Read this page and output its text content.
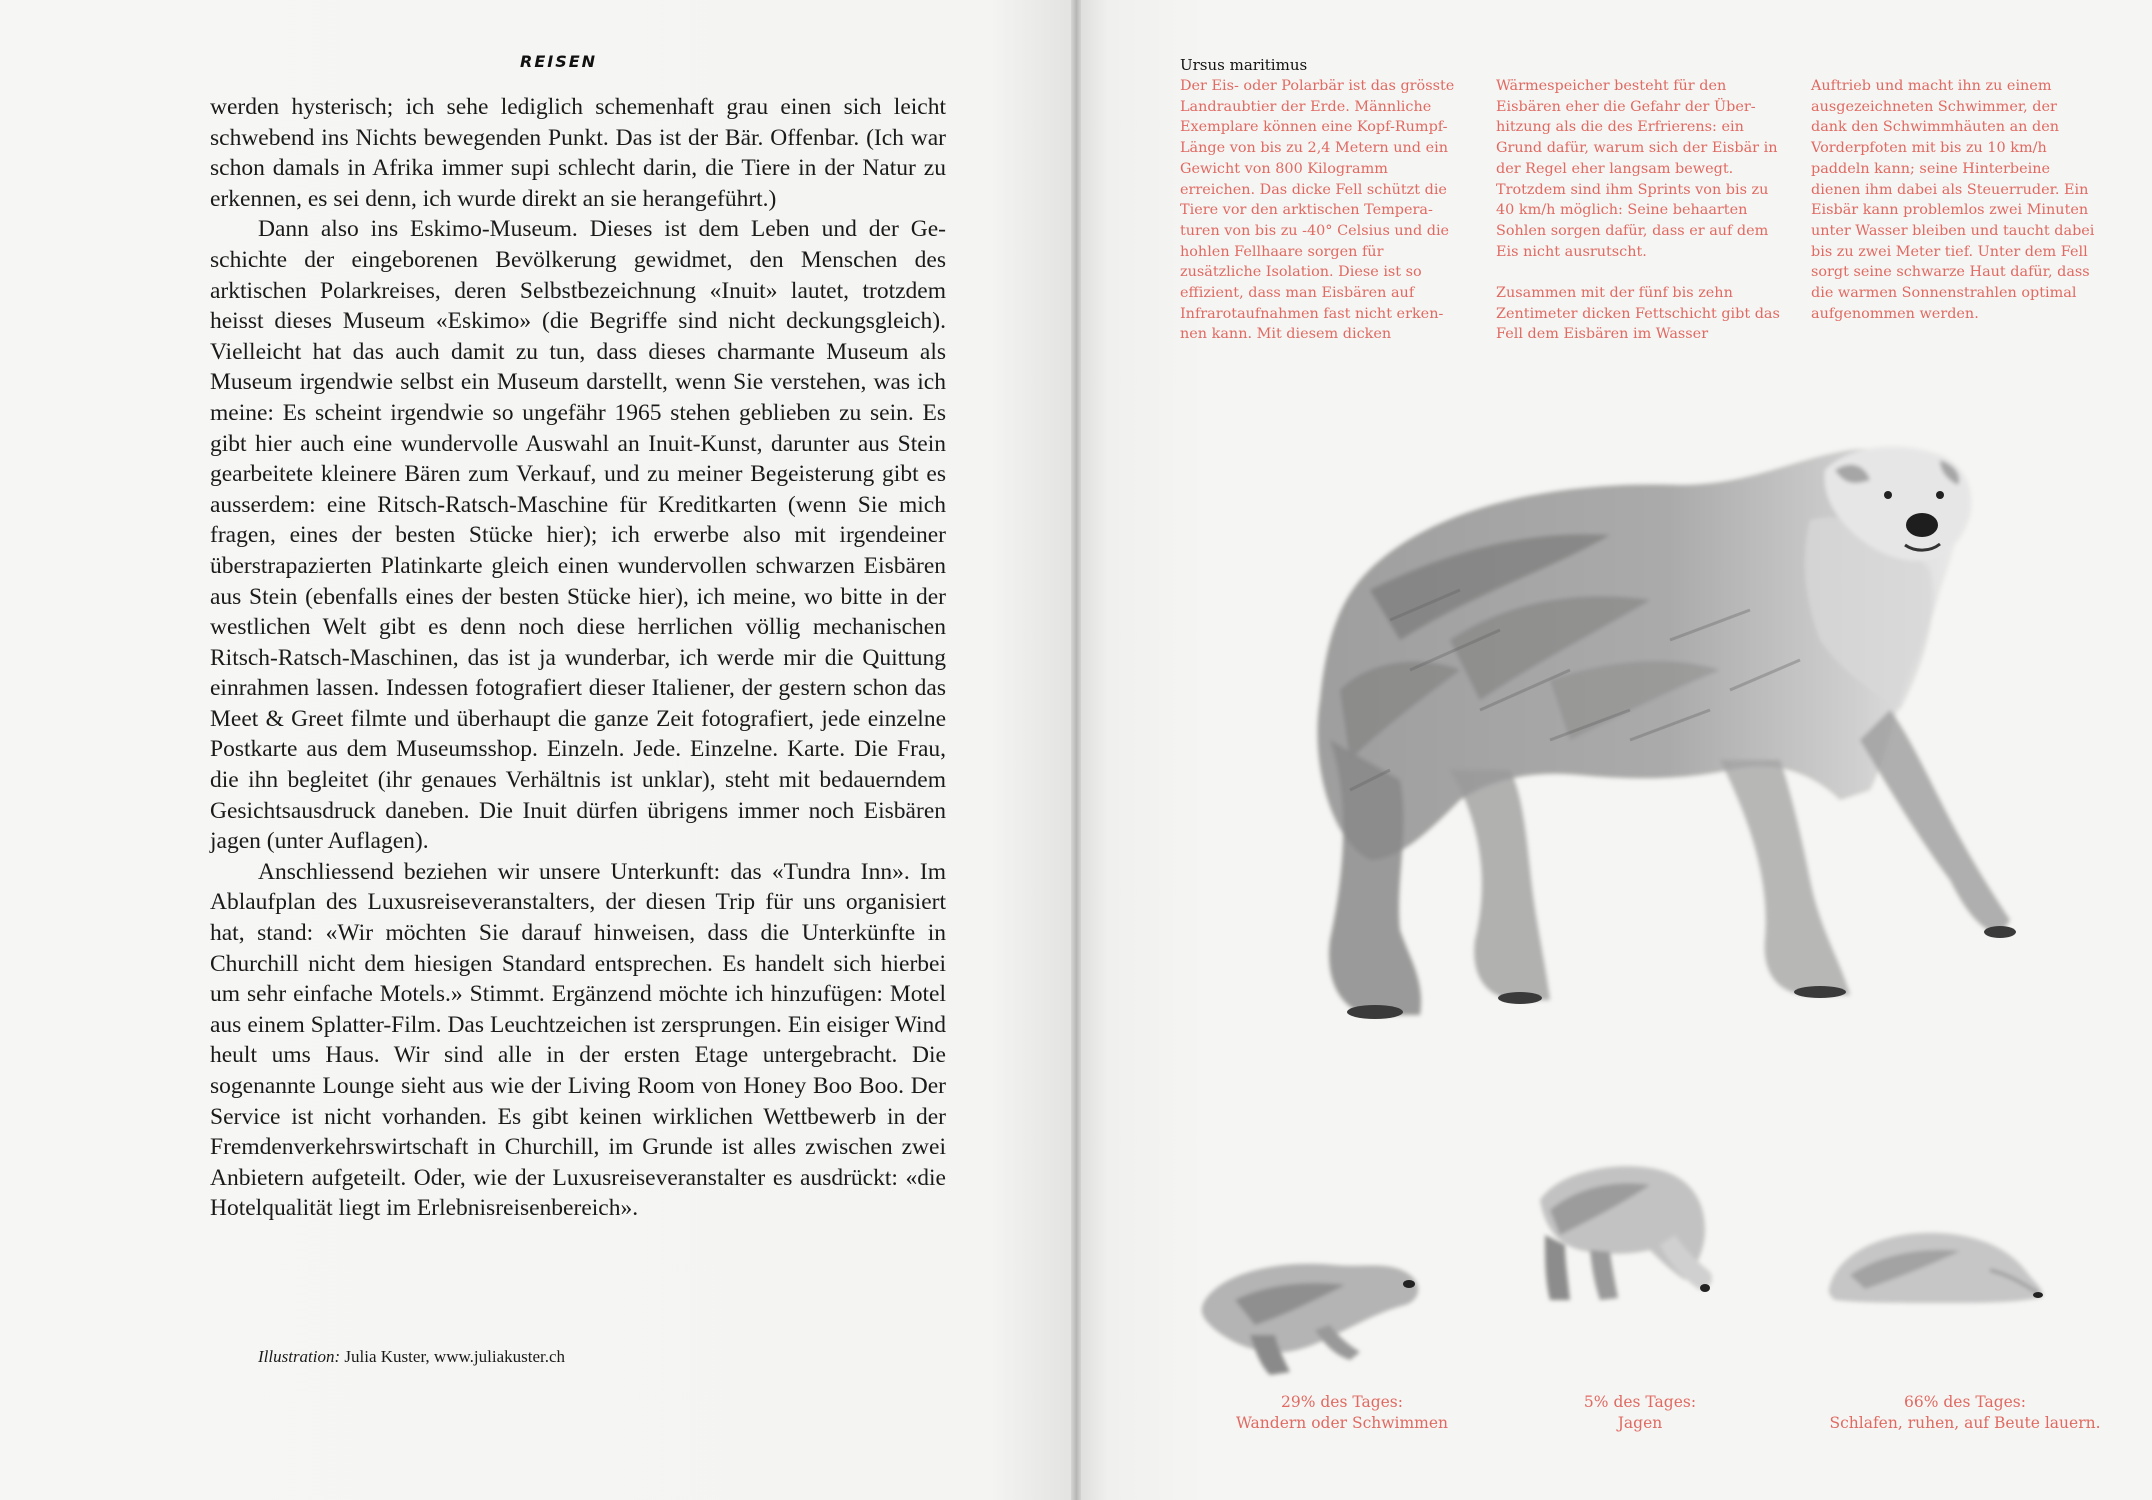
REISEN

werden hysterisch; ich sehe lediglich schemenhaft grau einen sich leicht schwebend ins Nichts bewegenden Punkt. Das ist der Bär. Offenbar. (Ich war schon damals in Afrika immer supi schlecht darin, die Tiere in der Natur zu erkennen, es sei denn, ich wurde direkt an sie herangeführt.)

Dann also ins Eskimo-Museum. Dieses ist dem Leben und der Geschichte der eingeborenen Bevölkerung gewidmet, den Menschen des arktischen Polarkreises, deren Selbstbezeichnung «Inuit» lautet, trotzdem heisst dieses Museum «Eskimo» (die Begriffe sind nicht deckungsgleich). Vielleicht hat das auch damit zu tun, dass dieses charmante Museum als Museum irgendwie selbst ein Museum darstellt, wenn Sie verstehen, was ich meine: Es scheint irgendwie so ungefähr 1965 stehen geblieben zu sein. Es gibt hier auch eine wundervolle Auswahl an Inuit-Kunst, darunter aus Stein gearbeitete kleinere Bären zum Verkauf, und zu meiner Begeisterung gibt es ausserdem: eine Ritsch-Ratsch-Maschine für Kreditkarten (wenn Sie mich fragen, eines der besten Stücke hier); ich erwerbe also mit irgendeiner überstrapazierten Platinkarte gleich einen wundervollen schwarzen Eisbären aus Stein (ebenfalls eines der besten Stücke hier), ich meine, wo bitte in der westlichen Welt gibt es denn noch diese herrlichen völlig mechanischen Ritsch-Ratsch-Maschinen, das ist ja wunderbar, ich werde mir die Quittung einrahmen lassen. Indessen fotografiert dieser Italiener, der gestern schon das Meet & Greet filmte und überhaupt die ganze Zeit fotografiert, jede einzelne Postkarte aus dem Museumsshop. Einzeln. Jede. Einzelne. Karte. Die Frau, die ihn begleitet (ihr genaues Verhältnis ist unklar), steht mit bedauerndem Gesichtsausdruck daneben. Die Inuit dürfen übrigens immer noch Eisbären jagen (unter Auflagen).

Anschliessend beziehen wir unsere Unterkunft: das «Tundra Inn». Im Ablaufplan des Luxusreiseveranstalters, der diesen Trip für uns organisiert hat, stand: «Wir möchten Sie darauf hinweisen, dass die Unterkünfte in Churchill nicht dem hiesigen Standard entsprechen. Es handelt sich hierbei um sehr einfache Motels.» Stimmt. Ergänzend möchte ich hinzufügen: Motel aus einem Splatter-Film. Das Leuchtzeichen ist zersprungen. Ein eisiger Wind heult ums Haus. Wir sind alle in der ersten Etage untergebracht. Die sogenannte Lounge sieht aus wie der Living Room von Honey Boo Boo. Der Service ist nicht vorhanden. Es gibt keinen wirklichen Wettbewerb in der Fremdenverkehrswirtschaft in Churchill, im Grunde ist alles zwischen zwei Anbietern aufgeteilt. Oder, wie der Luxusreiseveranstalter es ausdrückt: «die Hotelqualität liegt im Erlebnisreisenbereich».

Illustration: Julia Kuster, www.juliakuster.ch
Ursus maritimus

Der Eis- oder Polarbär ist das grösste Landraubtier der Erde. Männliche Exemplare können eine Kopf-Rumpf-Länge von bis zu 2,4 Metern und ein Gewicht von 800 Kilogramm erreichen. Das dicke Fell schützt die Tiere vor den arktischen Temperaturen von bis zu -40° Celsius und die hohlen Fellhaare sorgen für zusätzliche Isolation. Diese ist so effizient, dass man Eisbären auf Infrarotaufnahmen fast nicht erkennen kann. Mit diesem dicken

Wärmespeicher besteht für den Eisbären eher die Gefahr der Überhitzung als die des Erfrierens: ein Grund dafür, warum sich der Eisbär in der Regel eher langsam bewegt. Trotzdem sind ihm Sprints von bis zu 40 km/h möglich: Seine behaarten Sohlen sorgen dafür, dass er auf dem Eis nicht ausrutscht.

Zusammen mit der fünf bis zehn Zentimeter dicken Fettschicht gibt das Fell dem Eisbären im Wasser

Auftrieb und macht ihn zu einem ausgezeichneten Schwimmer, der dank den Schwimmhäuten an den Vorderpfoten mit bis zu 10 km/h paddeln kann; seine Hinterbeine dienen ihm dabei als Steuerruder. Ein Eisbär kann problemlos zwei Minuten unter Wasser bleiben und taucht dabei bis zu zwei Meter tief. Unter dem Fell sorgt seine schwarze Haut dafür, dass die warmen Sonnenstrahlen optimal aufgenommen werden.

29% des Tages:
Wandern oder Schwimmen
5% des Tages:
Jagen
66% des Tages:
Schlafen, ruhen, auf Beute lauern.
